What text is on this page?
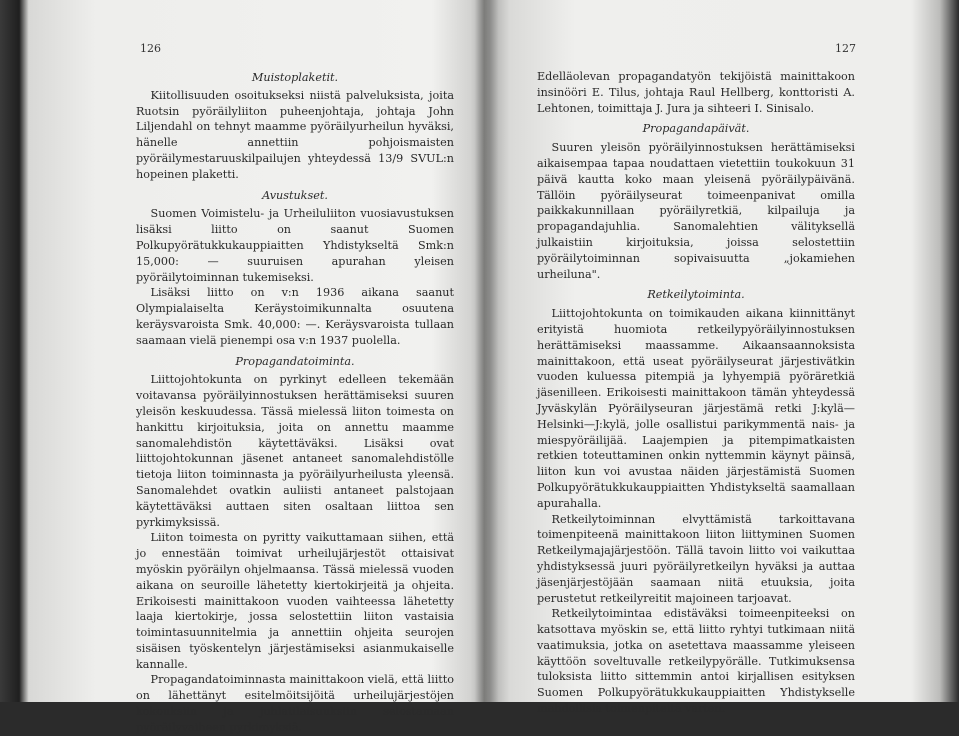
126
Muistoplaketit.

Kiitollisuuden osoitukseksi niistä palveluksista, joita Ruotsin pyöräilyliiton puheenjohtaja, johtaja John Liljendahl on tehnyt maamme pyöräilyurheilun hyväksi, hänelle annettiin pohjoismaisten pyöräilymestaruuskilpailujen yhteydessä 13/9 SVUL:n hopeinen plaketti.

Avustukset.

Suomen Voimistelu- ja Urheiluliiton vuosiavustuksen lisäksi liitto on saanut Suomen Polkupyörätukkukauppiaitten Yhdistykseltä Smk:n 15,000: — suuruisen apurahan yleisen pyöräilytoiminnan tukemiseksi.

Lisäksi liitto on v:n 1936 aikana saanut Olympialaiselta Keräystoimikunnalta osuutena keräysvaroista Smk. 40,000: —. Keräysvaroista tullaan saamaan vielä pienempi osa v:n 1937 puolella.

Propagandatoiminta.

Liittojohtokunta on pyrkinyt edelleen tekemään voitavansa pyöräilyinnostuksen herättämiseksi suuren yleisön keskuudessa. Tässä mielessä liiton toimesta on hankittu kirjoituksia, joita on annettu maamme sanomalehdistön käytettäväksi. Lisäksi ovat liittojohtokunnan jäsenet antaneet sanomalehdistölle tietoja liiton toiminnasta ja pyöräilyurheilusta yleensä. Sanomalehdet ovatkin auliisti antaneet palstojaan käytettäväksi auttaen siten osaltaan liittoa sen pyrkimyksissä.

Liiton toimesta on pyritty vaikuttamaan siihen, että jo ennestään toimivat urheilujärjestöt ottaisivat myöskin pyöräilyn ohjelmaansa. Tässä mielessä vuoden aikana on seuroille lähetetty kiertokirjeitä ja ohjeita. Erikoisesti mainittakoon vuoden vaihteessa lähetetty laaja kiertokirje, jossa selostettiin liiton vastaisia toimintasuunnitelmia ja annettiin ohjeita seurojen sisäisen työskentelyn järjestämiseksi asianmukaiselle kannalle.

Propagandatoiminnasta mainittakoon vielä, että liitto on lähettänyt esitelmöitsijöitä urheilujärjestöjen kokouksiin ja juhlatilaisuuksiin selostamaan pyöräilyvaiheen pyrkimyksiä.

127

Edelläolevan propagandatyön tekijöistä mainittakoon insinööri E. Tilus, johtaja Raul Hellberg, konttoristi A. Lehtonen, toimittaja J. Jura ja sihteeri I. Sinisalo.

Propagandapäivät.

Suuren yleisön pyöräilyinnostuksen herättämiseksi aikaisempaa tapaa noudattaen vietettiin toukokuun 31 päivä kautta koko maan yleisenä pyöräilypäivänä. Tällöin pyöräilyseurat toimeenpanivat omilla paikkakunnillaan pyöräilyretkiä, kilpailuja ja propagandajuhlia. Sanomalehtien välityksellä julkaistiin kirjoituksia, joissa selostettiin pyöräilytoiminnan sopivaisuutta „jokamiehen urheiluna".

Retkeilytoiminta.

Liittojohtokunta on toimikauden aikana kiinnittänyt erityistä huomiota retkeilypyöräilyinnostuksen herättämiseksi maassamme. Aikaansaannoksista mainittakoon, että useat pyöräilyseurat järjestivätkin vuoden kuluessa pitempiä ja lyhyempiä pyöräretkiä jäsenilleen. Erikoisesti mainittakoon tämän yhteydessä Jyväskylän Pyöräilyseuran järjestämä retki J:kylä—Helsinki—J:kylä, jolle osallistui parikymmentä nais- ja miespyöräilijää. Laajempien ja pitempimatkaisten retkien toteuttaminen onkin nyttemmin käynyt päinsä, liiton kun voi avustaa näiden järjestämistä Suomen Polkupyörätukkukauppiaitten Yhdistykseltä saamallaan apurahalla.

Retkeilytoiminnan elvyttämistä tarkoittavana toimenpiteenä mainittakoon liiton liittyminen Suomen Retkeilymajajärjestöön. Tällä tavoin liitto voi vaikuttaa yhdistyksessä juuri pyöräilyretkeilyn hyväksi ja auttaa jäsenjärjestöjään saamaan niitä etuuksia, joita perustetut retkeilyreitit majoineen tarjoavat.

Retkeilytoimintaa edistäväksi toimeenpiteeksi on katsottava myöskin se, että liitto ryhtyi tutkimaan niitä vaatimuksia, jotka on asetettava maassamme yleiseen käyttöön soveltuvalle retkeilypyörälle. Tutkimuksensa tuloksista liitto sittemmin antoi kirjallisen esityksen Suomen Polkupyörätukkukauppiaitten Yhdistykselle mahdollisia toimenpiteitä varten.
